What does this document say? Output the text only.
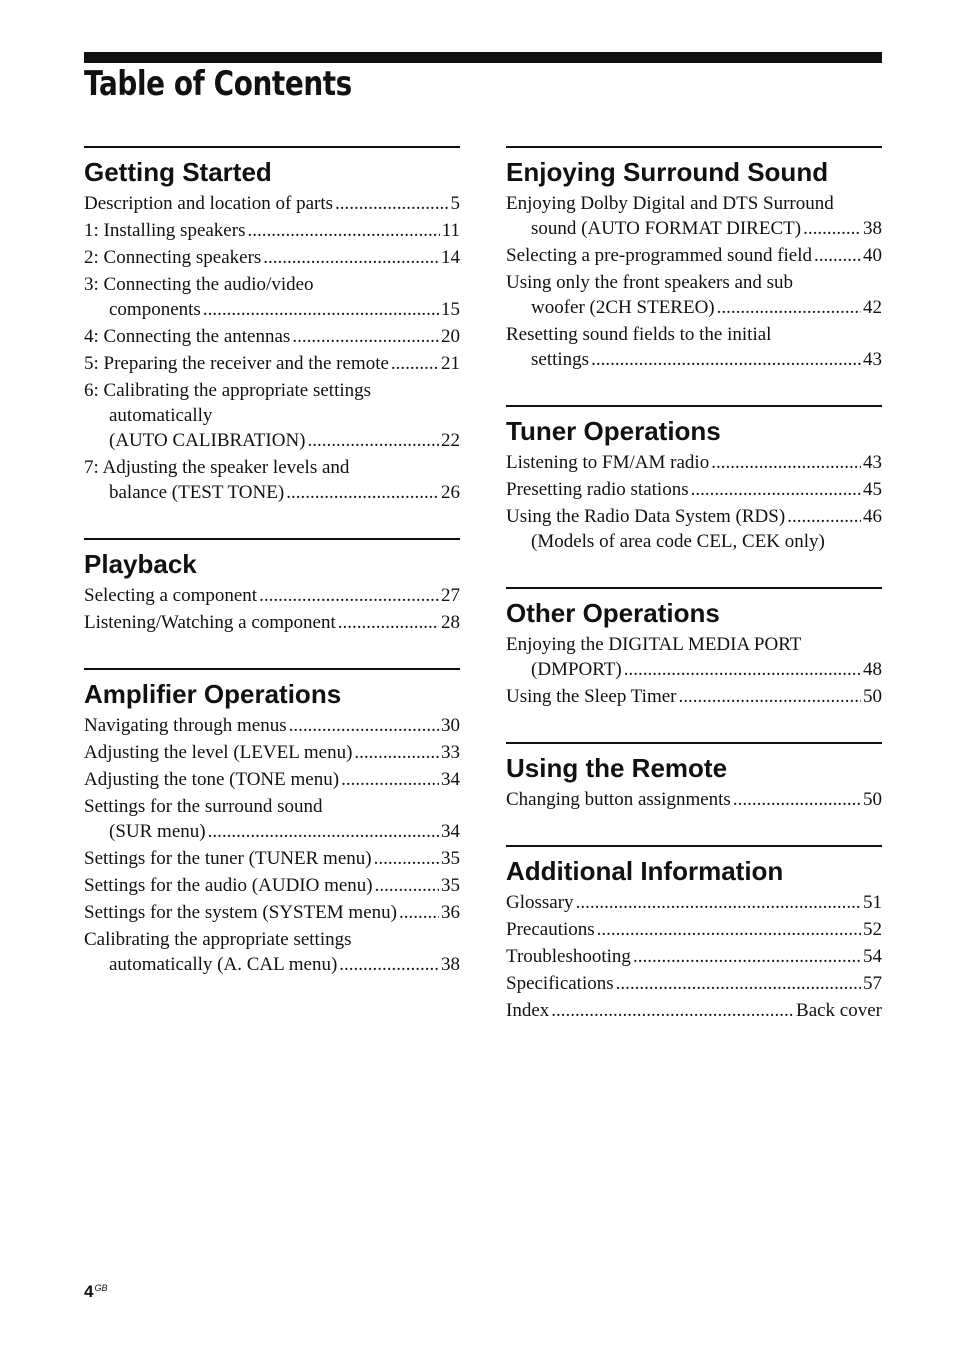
Table of Contents
Getting Started
Description and location of parts .....	5
1: Installing speakers .....	11
2: Connecting speakers .....	14
3: Connecting the audio/video
components .....	15
4: Connecting the antennas .....	20
5: Preparing the receiver and the remote .....	21
6: Calibrating the appropriate settings
automatically
(AUTO CALIBRATION) .....	22
7: Adjusting the speaker levels and
balance (TEST TONE) .....	26
Playback
Selecting a component .....	27
Listening/Watching a component .....	28
Amplifier Operations
Navigating through menus .....	30
Adjusting the level (LEVEL menu) .....	33
Adjusting the tone (TONE menu) .....	34
Settings for the surround sound
(SUR menu) .....	34
Settings for the tuner (TUNER menu) .....	35
Settings for the audio (AUDIO menu) .....	35
Settings for the system (SYSTEM menu) ..... 36
Calibrating the appropriate settings
automatically (A. CAL menu) .....	38
Enjoying Surround Sound
Enjoying Dolby Digital and DTS Surround
sound (AUTO FORMAT DIRECT) .....	38
Selecting a pre-programmed sound field .....	40
Using only the front speakers and sub
woofer (2CH STEREO) .....	42
Resetting sound fields to the initial
settings .....	43
Tuner Operations
Listening to FM/AM radio .....	43
Presetting radio stations .....	45
Using the Radio Data System (RDS) .....	46
(Models of area code CEL, CEK only)
Other Operations
Enjoying the DIGITAL MEDIA PORT
(DMPORT) .....	48
Using the Sleep Timer .....	50
Using the Remote
Changing button assignments .....	50
Additional Information
Glossary .....	51
Precautions .....	52
Troubleshooting .....	54
Specifications .....	57
Index .....	Back cover
$4^{GB}$
